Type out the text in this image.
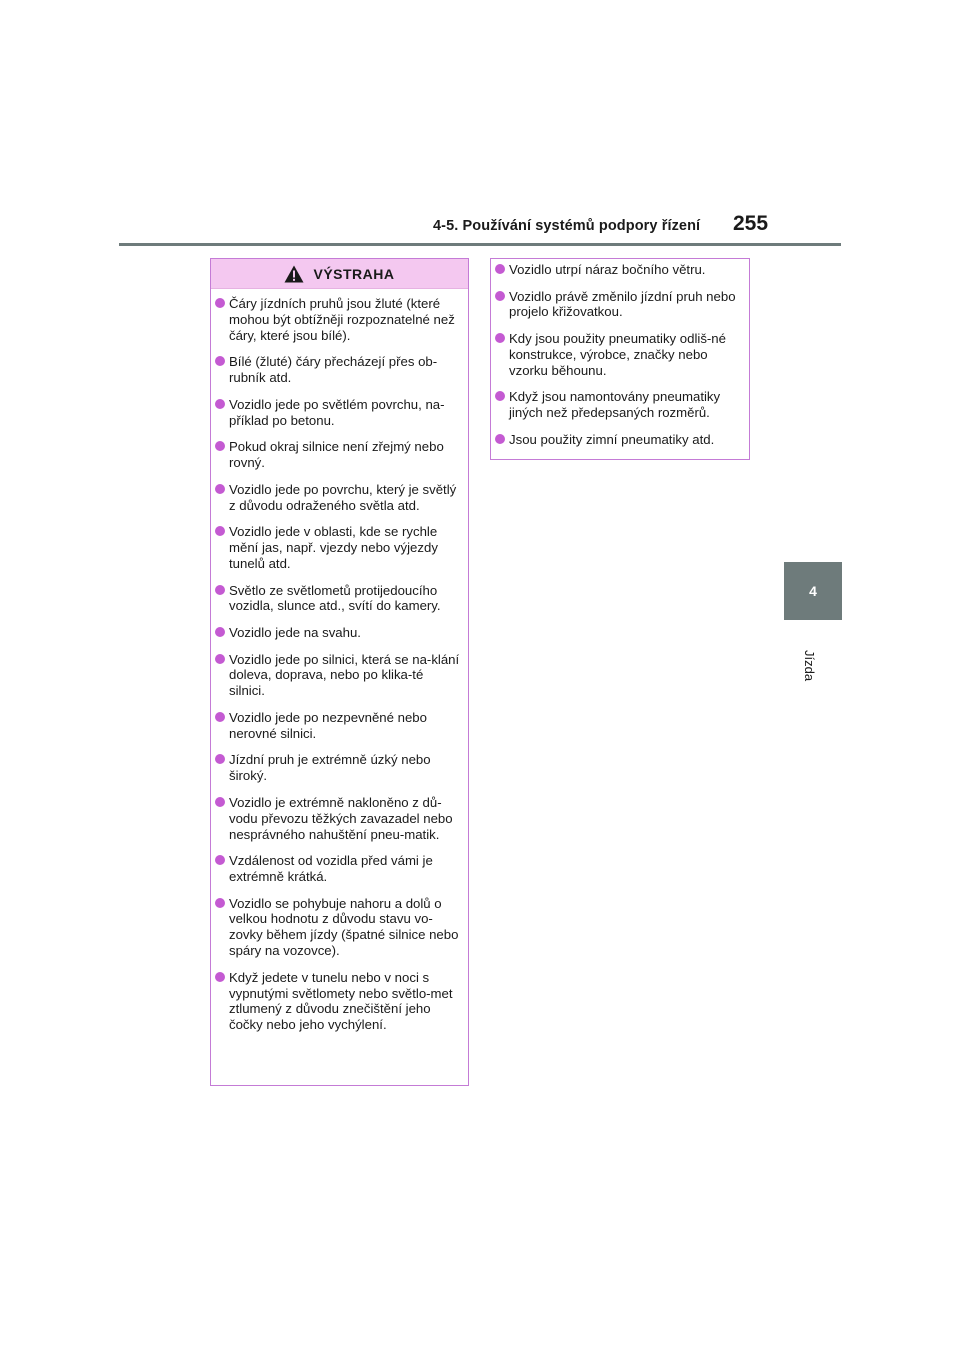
4-5. Používání systémů podpory řízení 255
4
Jízda
VÝSTRAHA
Čáry jízdních pruhů jsou žluté (které mohou být obtížněji rozpoznatelné než čáry, které jsou bílé).
Bílé (žluté) čáry přecházejí přes ob-rubník atd.
Vozidlo jede po světlém povrchu, na-příklad po betonu.
Pokud okraj silnice není zřejmý nebo rovný.
Vozidlo jede po povrchu, který je světlý z důvodu odraženého světla atd.
Vozidlo jede v oblasti, kde se rychle mění jas, např. vjezdy nebo výjezdy tunelů atd.
Světlo ze světlometů protijedoucího vozidla, slunce atd., svítí do kamery.
Vozidlo jede na svahu.
Vozidlo jede po silnici, která se na-klání doleva, doprava, nebo po klika-té silnici.
Vozidlo jede po nezpevněné nebo nerovné silnici.
Jízdní pruh je extrémně úzký nebo široký.
Vozidlo je extrémně nakloněno z dů-vodu převozu těžkých zavazadel nebo nesprávného nahuštění pneu-matik.
Vzdálenost od vozidla před vámi je extrémně krátká.
Vozidlo se pohybuje nahoru a dolů o velkou hodnotu z důvodu stavu vo-zovky během jízdy (špatné silnice nebo spáry na vozovce).
Když jedete v tunelu nebo v noci s vypnutými světlomety nebo světlo-met ztlumený z důvodu znečištění jeho čočky nebo jeho vychýlení.
Vozidlo utrpí náraz bočního větru.
Vozidlo právě změnilo jízdní pruh nebo projelo křižovatkou.
Kdy jsou použity pneumatiky odliš-né konstrukce, výrobce, značky nebo vzorku běhounu.
Když jsou namontovány pneumatiky jiných než předepsaných rozměrů.
Jsou použity zimní pneumatiky atd.
